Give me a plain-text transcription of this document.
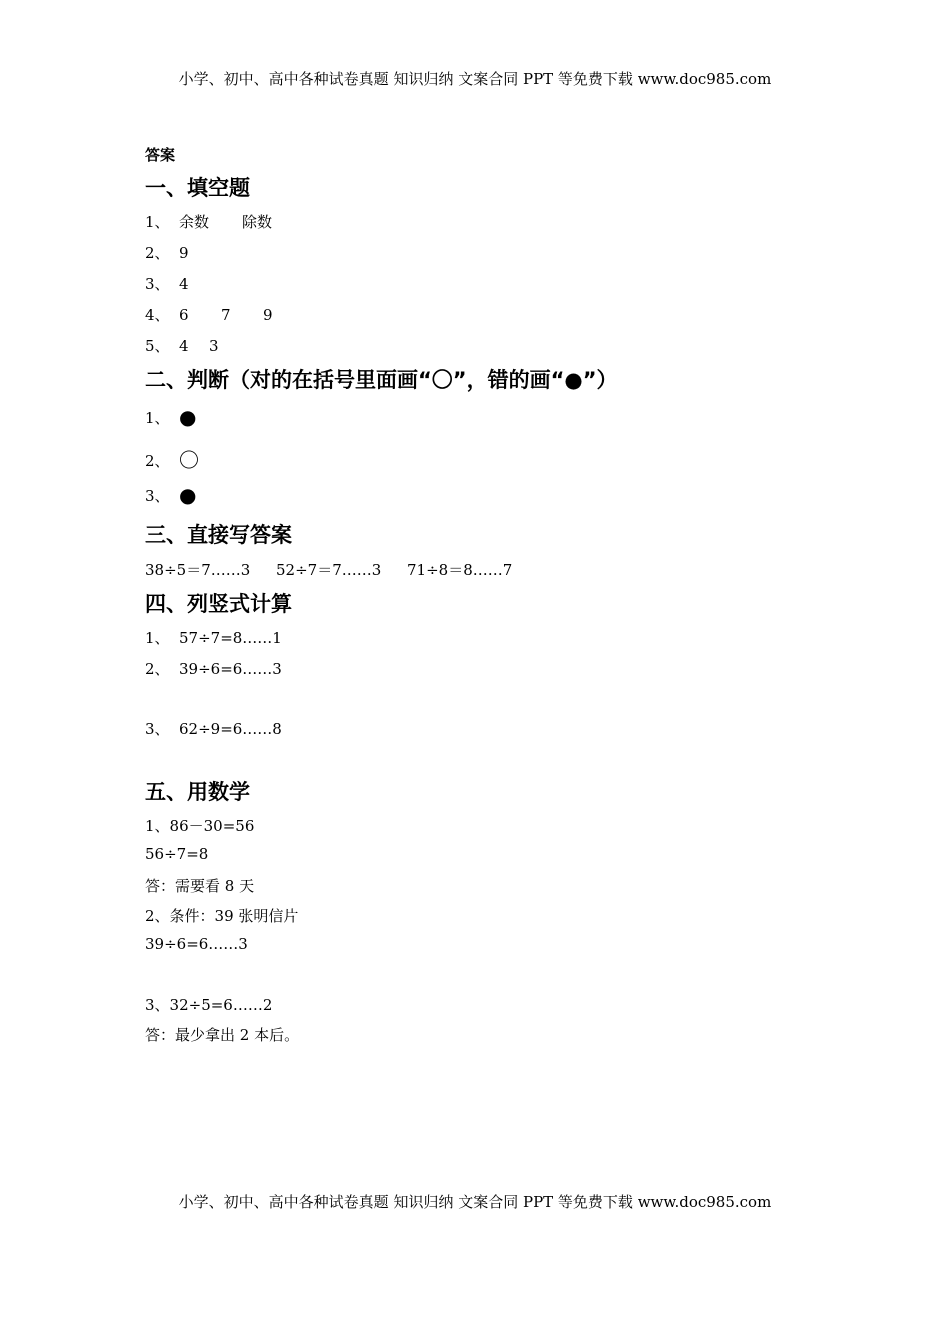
小学、初中、高中各种试卷真题 知识归纳 文案合同 PPT 等免费下载 www.doc985.com
答案
一、填空题
1、 余数 除数
2、 9
3、 4
4、 6 7 9
5、 4 3
二、判断（对的在括号里面画“〇”，错的画“●”）
1、 ●
2、 〇
3、 ●
三、直接写答案
38÷5＝7……3 52÷7＝7……3 71÷8＝8……7
四、列竖式计算
1、 57÷7=8……1
2、 39÷6=6……3
3、 62÷9=6……8
五、用数学
1、86－30=56
56÷7=8
答：需要看 8 天
2、条件：39 张明信片
39÷6=6……3
3、32÷5=6……2
答：最少拿出 2 本后。
小学、初中、高中各种试卷真题 知识归纳 文案合同 PPT 等免费下载 www.doc985.com
